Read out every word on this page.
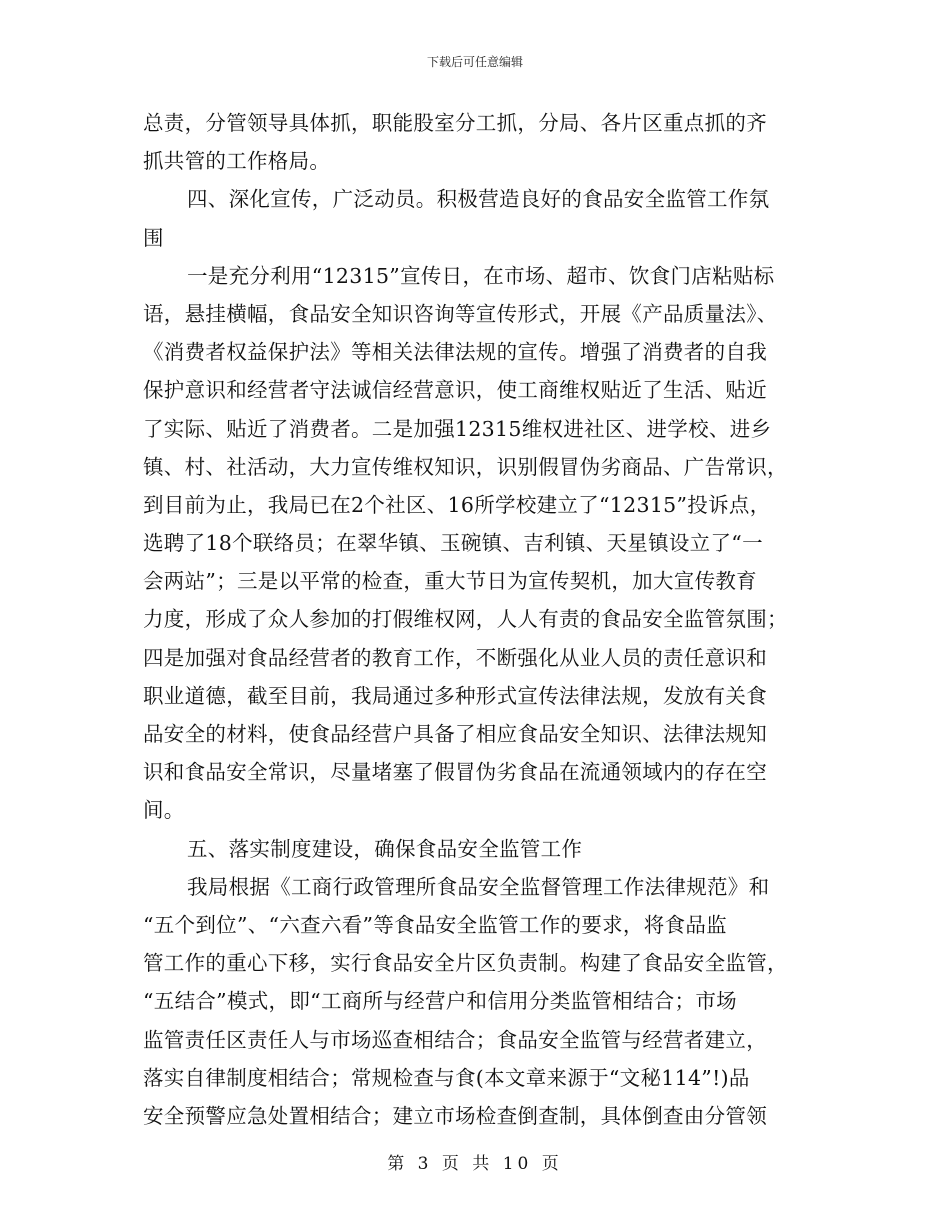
下载后可任意编辑
总责，分管领导具体抓，职能股室分工抓，分局、各片区重点抓的齐
抓共管的工作格局。
四、深化宣传，广泛动员。积极营造良好的食品安全监管工作氛
围
一是充分利用“12315”宣传日，在市场、超市、饮食门店粘贴标
语，悬挂横幅，食品安全知识咨询等宣传形式，开展《产品质量法》、
《消费者权益保护法》等相关法律法规的宣传。增强了消费者的自我
保护意识和经营者守法诚信经营意识，使工商维权贴近了生活、贴近
了实际、贴近了消费者。二是加强12315维权进社区、进学校、进乡
镇、村、社活动，大力宣传维权知识，识别假冒伪劣商品、广告常识，
到目前为止，我局已在2个社区、16所学校建立了“12315”投诉点，
选聘了18个联络员；在翠华镇、玉碗镇、吉利镇、天星镇设立了“一
会两站”；三是以平常的检查，重大节日为宣传契机，加大宣传教育
力度，形成了众人参加的打假维权网，人人有责的食品安全监管氛围；
四是加强对食品经营者的教育工作，不断强化从业人员的责任意识和
职业道德，截至目前，我局通过多种形式宣传法律法规，发放有关食
品安全的材料，使食品经营户具备了相应食品安全知识、法律法规知
识和食品安全常识，尽量堵塞了假冒伪劣食品在流通领域内的存在空
间。
五、落实制度建设，确保食品安全监管工作
我局根据《工商行政管理所食品安全监督管理工作法律规范》和
“五个到位”、“六查六看”等食品安全监管工作的要求，将食品监
管工作的重心下移，实行食品安全片区负责制。构建了食品安全监管，
“五结合”模式，即“工商所与经营户和信用分类监管相结合；市场
监管责任区责任人与市场巡查相结合；食品安全监管与经营者建立，
落实自律制度相结合；常规检查与食(本文章来源于“文秘114”!)品
安全预警应急处置相结合；建立市场检查倒查制，具体倒查由分管领
第 3 页 共 10 页
